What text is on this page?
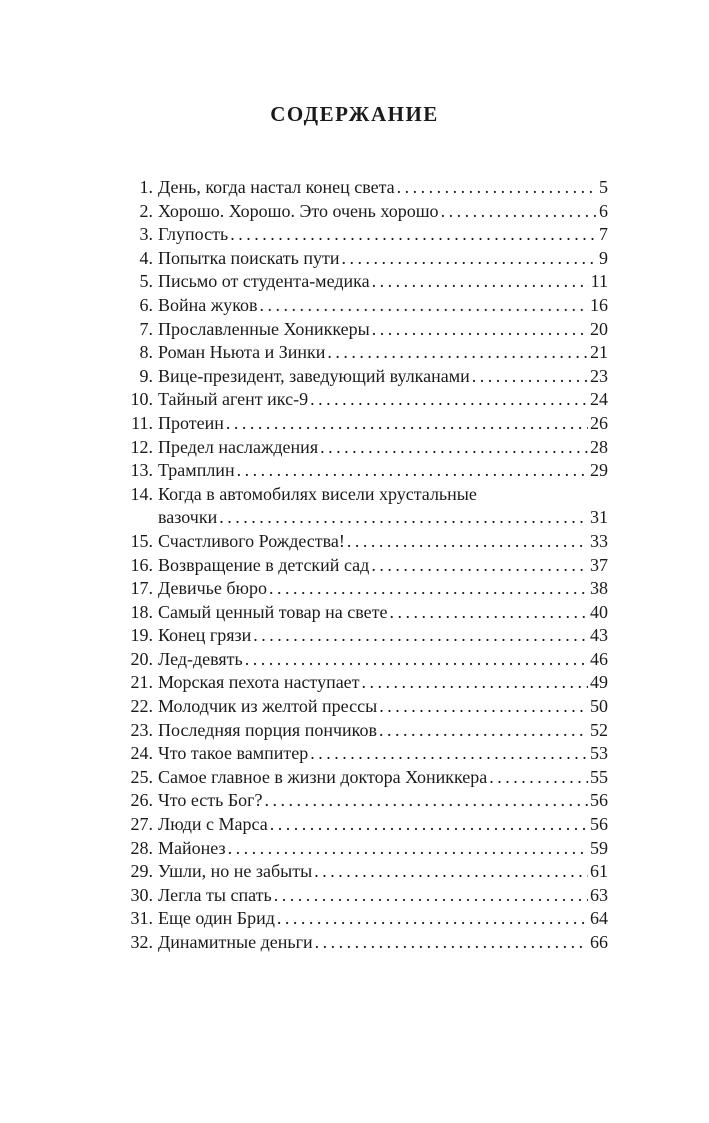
СОДЕРЖАНИЕ
1. День, когда настал конец света . . .	5
2. Хорошо. Хорошо. Это очень хорошо . . .	6
3. Глупость . . .	7
4. Попытка поискать пути . . .	9
5. Письмо от студента-медика . . .	11
6. Война жуков . . .	16
7. Прославленные Хониккеры . . .	20
8. Роман Ньюта и Зинки . . .	21
9. Вице-президент, заведующий вулканами . . .	23
10. Тайный агент икс-9 . . .	24
11. Протеин . . .	26
12. Предел наслаждения . . .	28
13. Трамплин . . .	29
14. Когда в автомобилях висели хрустальные
вазочки . . .	31
15. Счастливого Рождества! . . .	33
16. Возвращение в детский сад . . .	37
17. Девичье бюро . . .	38
18. Самый ценный товар на свете . . .	40
19. Конец грязи . . .	43
20. Лед-девять . . .	46
21. Морская пехота наступает . . .	49
22. Молодчик из желтой прессы . . .	50
23. Последняя порция пончиков . . .	52
24. Что такое вампитер . . .	53
25. Самое главное в жизни доктора Хониккера . . .	55
26. Что есть Бог? . . .	56
27. Люди с Марса . . .	56
28. Майонез . . .	59
29. Ушли, но не забыты . . .	61
30. Легла ты спать . . .	63
31. Еще один Брид . . .	64
32. Динамитные деньги . . .	66
